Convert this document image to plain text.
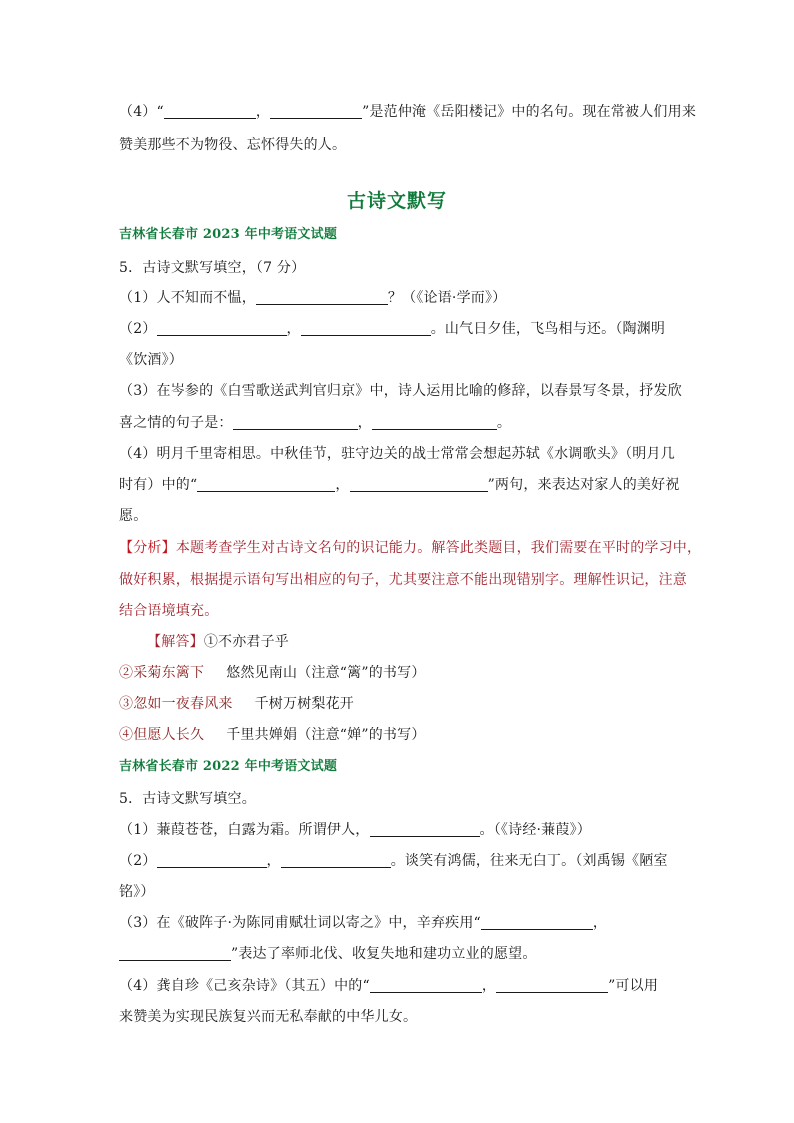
（4）“	，	”是范仲淹《岳阳楼记》中的名句。现在常被人们用来
赞美那些不为物役、忘怀得失的人。
古诗文默写
吉林省长春市 2023 年中考语文试题
5．古诗文默写填空，（7 分）
（1）人不知而不愠，	？（《论语·学而》）
（2）	，	。山气日夕佳，飞鸟相与还。（陶渊明
《饮酒》）
（3）在岑参的《白雪歌送武判官归京》中，诗人运用比喻的修辞，以春景写冬景，抒发欣
喜之情的句子是：	，	。
（4）明月千里寄相思。中秋佳节，驻守边关的战士常常会想起苏轼《水调歌头》（明月几
时有）中的“	，	”两句，来表达对家人的美好祝
愿。
【分析】本题考查学生对古诗文名句的识记能力。解答此类题目，我们需要在平时的学习中，
做好积累，根据提示语句写出相应的句子，尤其要注意不能出现错别字。理解性识记，注意
结合语境填充。
【解答】①不亦君子乎
②采菊东篱下 悠然见南山（注意“篱”的书写）
③忽如一夜春风来 千树万树梨花开
④但愿人长久 千里共婵娟（注意“婵”的书写）
吉林省长春市 2022 年中考语文试题
5．古诗文默写填空。
（1）蒹葭苍苍，白露为霜。所谓伊人，	。（《诗经·蒹葭》）
（2）	，	。谈笑有鸿儒，往来无白丁。（刘禹锡《陋室
铭》）
（3）在《破阵子·为陈同甫赋壮词以寄之》中，辛弃疾用“	，
”表达了率师北伐、收复失地和建功立业的愿望。
（4）龚自珍《己亥杂诗》（其五）中的“	，	”可以用
来赞美为实现民族复兴而无私奉献的中华儿女。
